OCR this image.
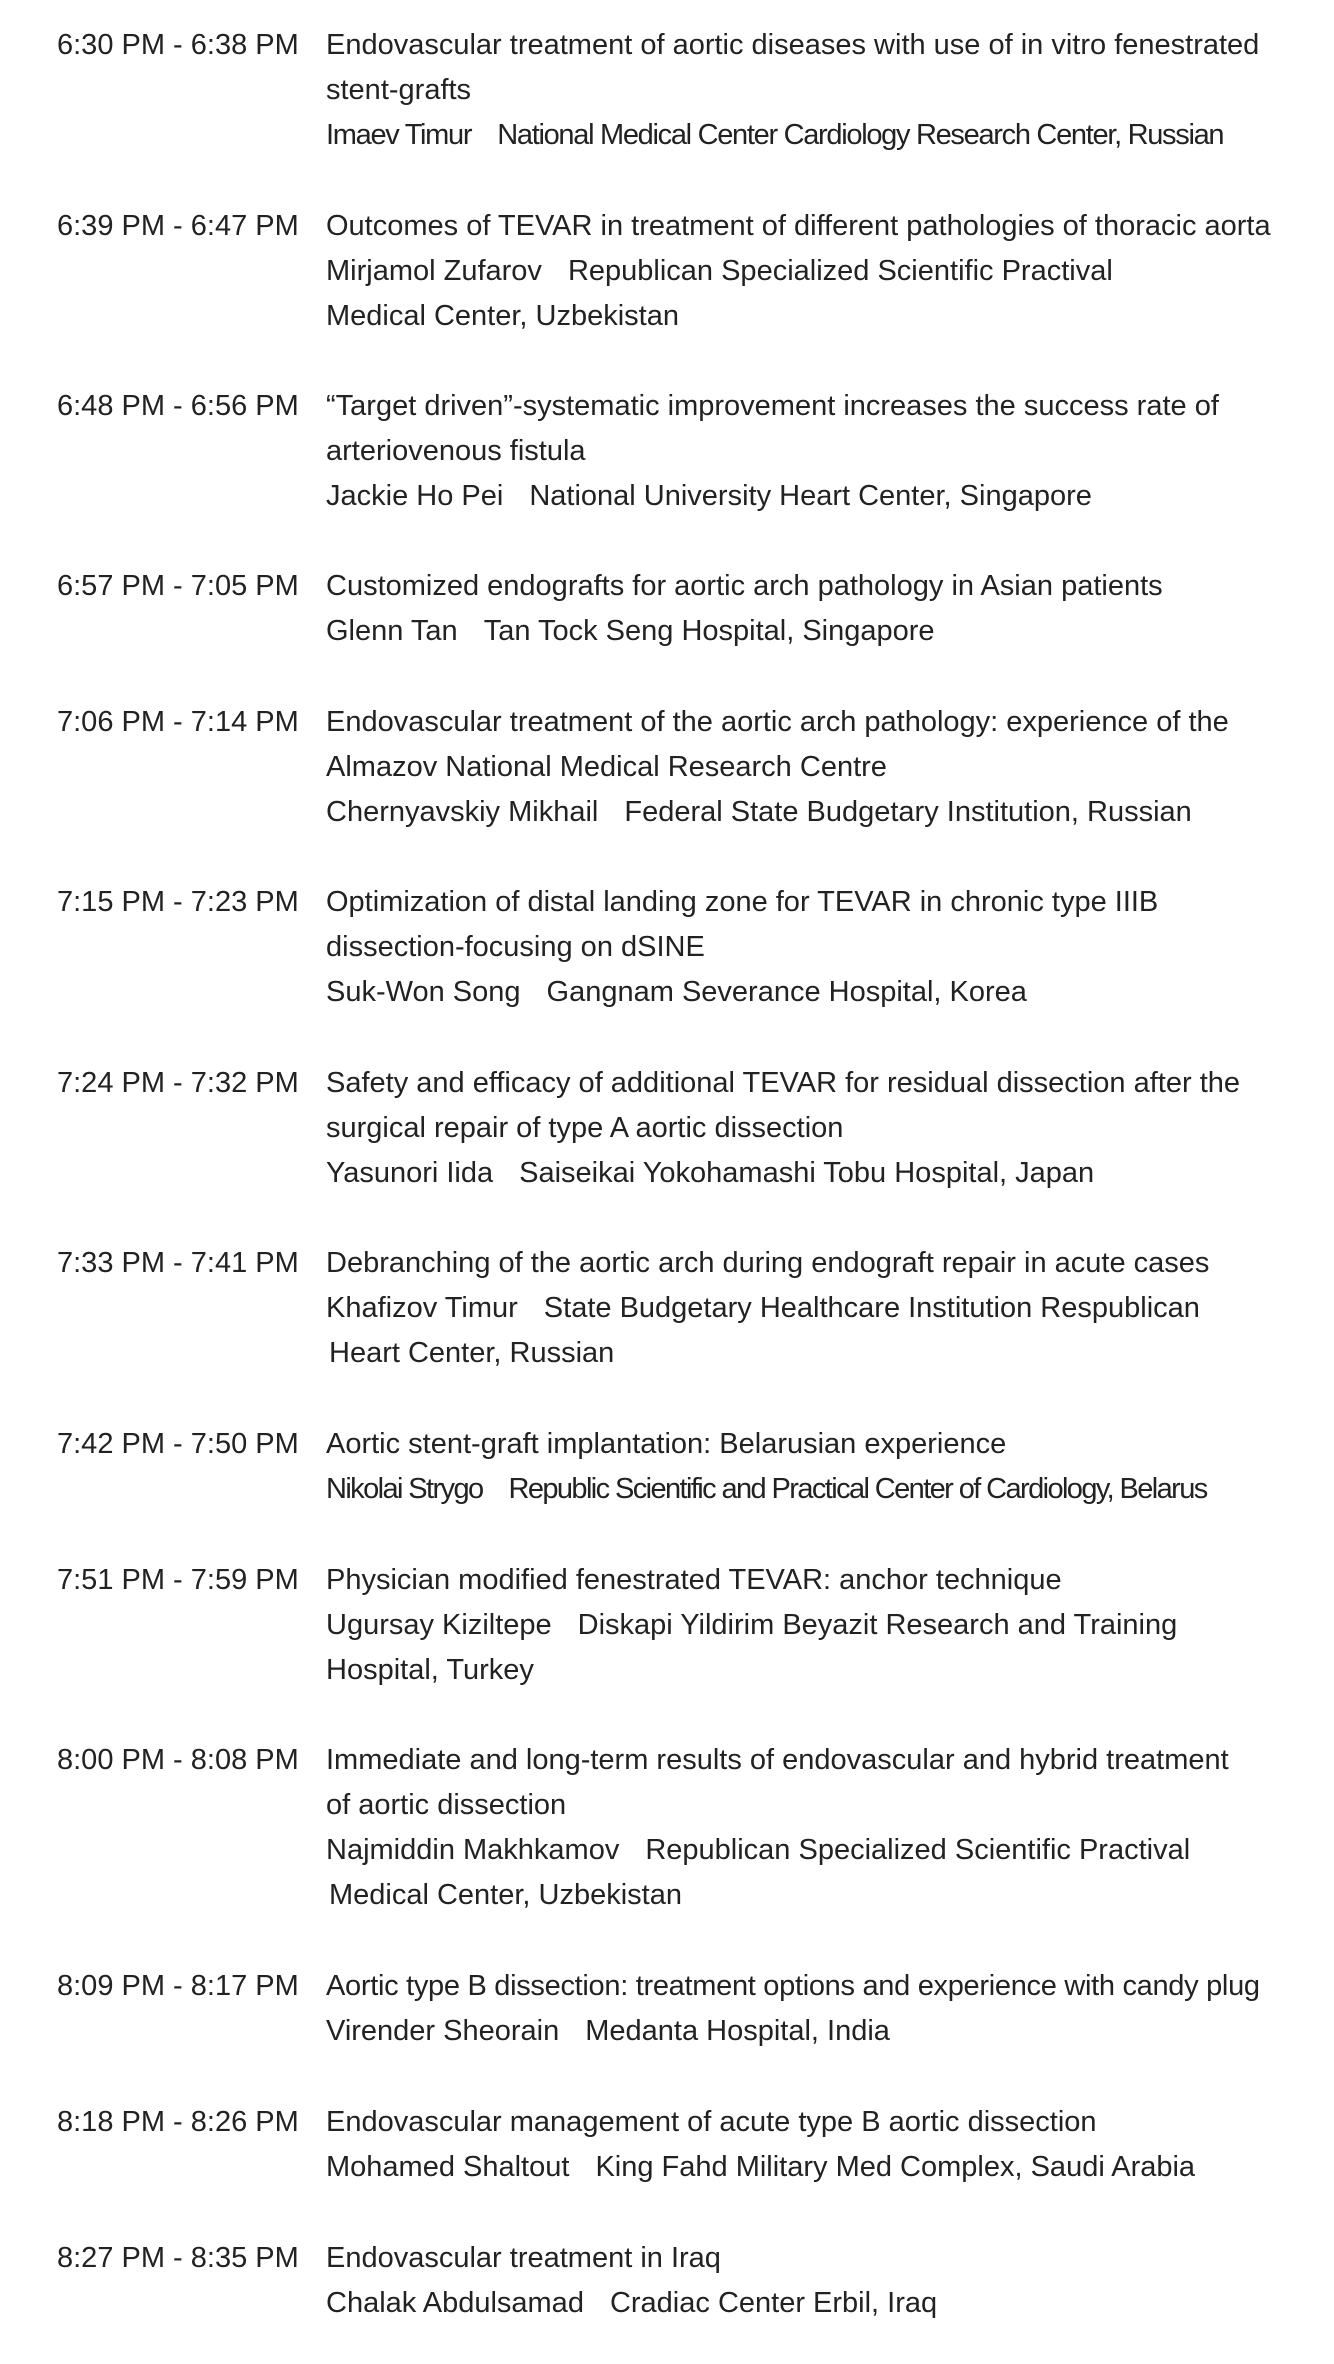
6:30 PM - 6:38 PM Endovascular treatment of aortic diseases with use of in vitro fenestrated
stent-grafts
Imaev Timur National Medical Center Cardiology Research Center, Russian
6:39 PM - 6:47 PM Outcomes of TEVAR in treatment of different pathologies of thoracic aorta
Mirjamol Zufarov Republican Specialized Scientific Practival
Medical Center, Uzbekistan
6:48 PM - 6:56 PM “Target driven”-systematic improvement increases the success rate of
arteriovenous fistula
Jackie Ho Pei National University Heart Center, Singapore
6:57 PM - 7:05 PM Customized endografts for aortic arch pathology in Asian patients
Glenn Tan Tan Tock Seng Hospital, Singapore
7:06 PM - 7:14 PM Endovascular treatment of the aortic arch pathology: experience of the
Almazov National Medical Research Centre
Chernyavskiy Mikhail Federal State Budgetary Institution, Russian
7:15 PM - 7:23 PM Optimization of distal landing zone for TEVAR in chronic type IIIB
dissection-focusing on dSINE
Suk-Won Song Gangnam Severance Hospital, Korea
7:24 PM - 7:32 PM Safety and efficacy of additional TEVAR for residual dissection after the
surgical repair of type A aortic dissection
Yasunori Iida Saiseikai Yokohamashi Tobu Hospital, Japan
7:33 PM - 7:41 PM Debranching of the aortic arch during endograft repair in acute cases
Khafizov Timur State Budgetary Healthcare Institution Respublican
Heart Center, Russian
7:42 PM - 7:50 PM Aortic stent-graft implantation: Belarusian experience
Nikolai Strygo Republic Scientific and Practical Center of Cardiology, Belarus
7:51 PM - 7:59 PM Physician modified fenestrated TEVAR: anchor technique
Ugursay Kiziltepe Diskapi Yildirim Beyazit Research and Training
Hospital, Turkey
8:00 PM - 8:08 PM Immediate and long-term results of endovascular and hybrid treatment
of aortic dissection
Najmiddin Makhkamov Republican Specialized Scientific Practival
Medical Center, Uzbekistan
8:09 PM - 8:17 PM Aortic type B dissection: treatment options and experience with candy plug
Virender Sheorain Medanta Hospital, India
8:18 PM - 8:26 PM Endovascular management of acute type B aortic dissection
Mohamed Shaltout King Fahd Military Med Complex, Saudi Arabia
8:27 PM - 8:35 PM Endovascular treatment in Iraq
Chalak Abdulsamad Cradiac Center Erbil, Iraq
